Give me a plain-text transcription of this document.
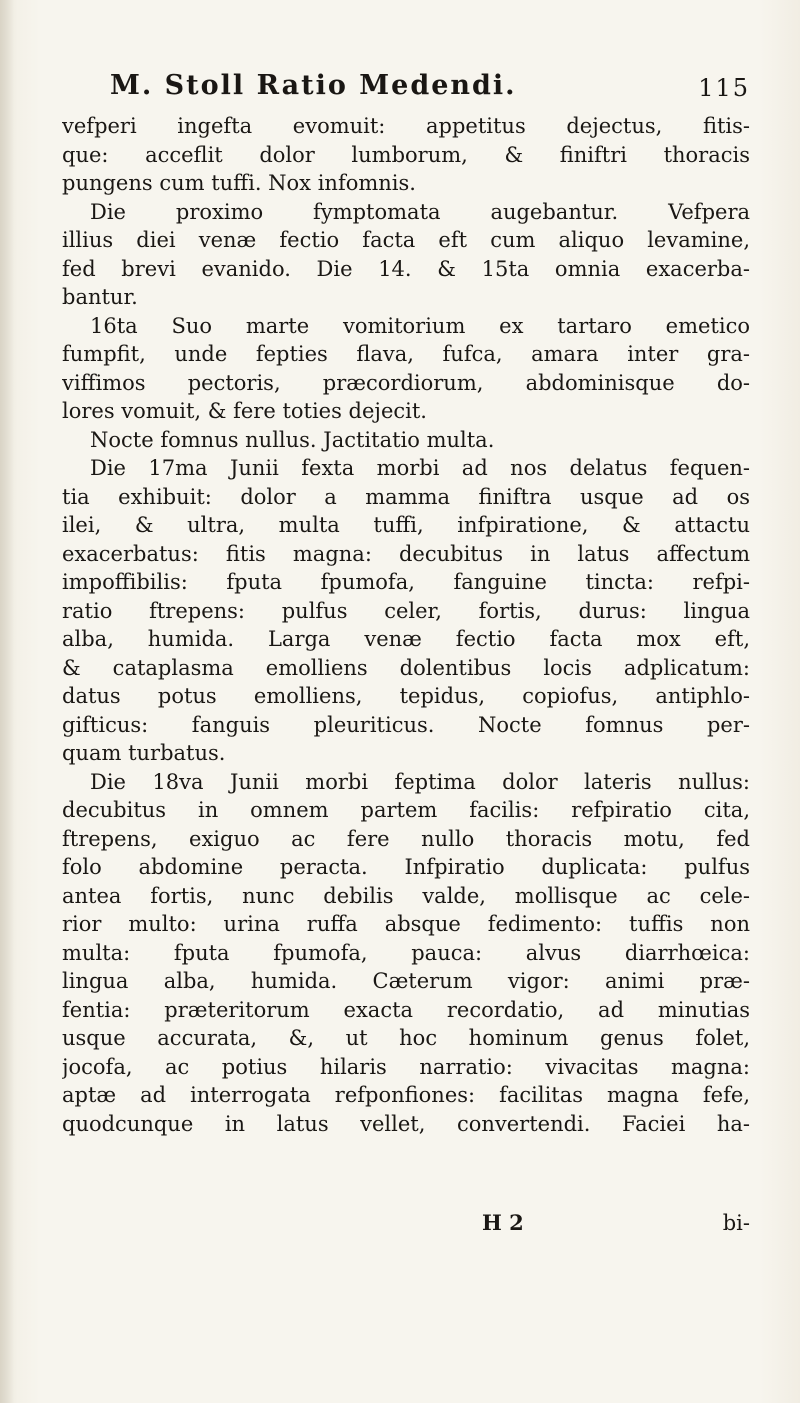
M. Stoll Ratio Medendi.	115
vefperi ingefta evomuit: appetitus dejectus, fitis-
que: acceflit dolor lumborum, & finiftri thoracis
pungens cum tuffi. Nox infomnis.
Die proximo fymptomata augebantur. Vefpera
illius diei venæ fectio facta eft cum aliquo levamine,
fed brevi evanido. Die 14. & 15ta omnia exacerba-
bantur.
16ta Suo marte vomitorium ex tartaro emetico
fumpfit, unde fepties flava, fufca, amara inter gra-
viffimos pectoris, præcordiorum, abdominisque do-
lores vomuit, & fere toties dejecit.
Nocte fomnus nullus. Jactitatio multa.
Die 17ma Junii fexta morbi ad nos delatus fequen-
tia exhibuit: dolor a mamma finiftra usque ad os
ilei, & ultra, multa tuffi, infpiratione, & attactu
exacerbatus: fitis magna: decubitus in latus affectum
impoffibilis: fputa fpumofa, fanguine tincta: refpi-
ratio ftrepens: pulfus celer, fortis, durus: lingua
alba, humida. Larga venæ fectio facta mox eft,
& cataplasma emolliens dolentibus locis adplicatum:
datus potus emolliens, tepidus, copiofus, antiphlo-
gifticus: fanguis pleuriticus. Nocte fomnus per-
quam turbatus.
Die 18va Junii morbi feptima dolor lateris nullus:
decubitus in omnem partem facilis: refpiratio cita,
ftrepens, exiguo ac fere nullo thoracis motu, fed
folo abdomine peracta. Infpiratio duplicata: pulfus
antea fortis, nunc debilis valde, mollisque ac cele-
rior multo: urina ruffa absque fedimento: tuffis non
multa: fputa fpumofa, pauca: alvus diarrhœica:
lingua alba, humida. Cæterum vigor: animi præ-
fentia: præteritorum exacta recordatio, ad minutias
usque accurata, &, ut hoc hominum genus folet,
jocofa, ac potius hilaris narratio: vivacitas magna:
aptæ ad interrogata refponfiones: facilitas magna fefe,
quodcunque in latus vellet, convertendi. Faciei ha-
H 2	bi-
